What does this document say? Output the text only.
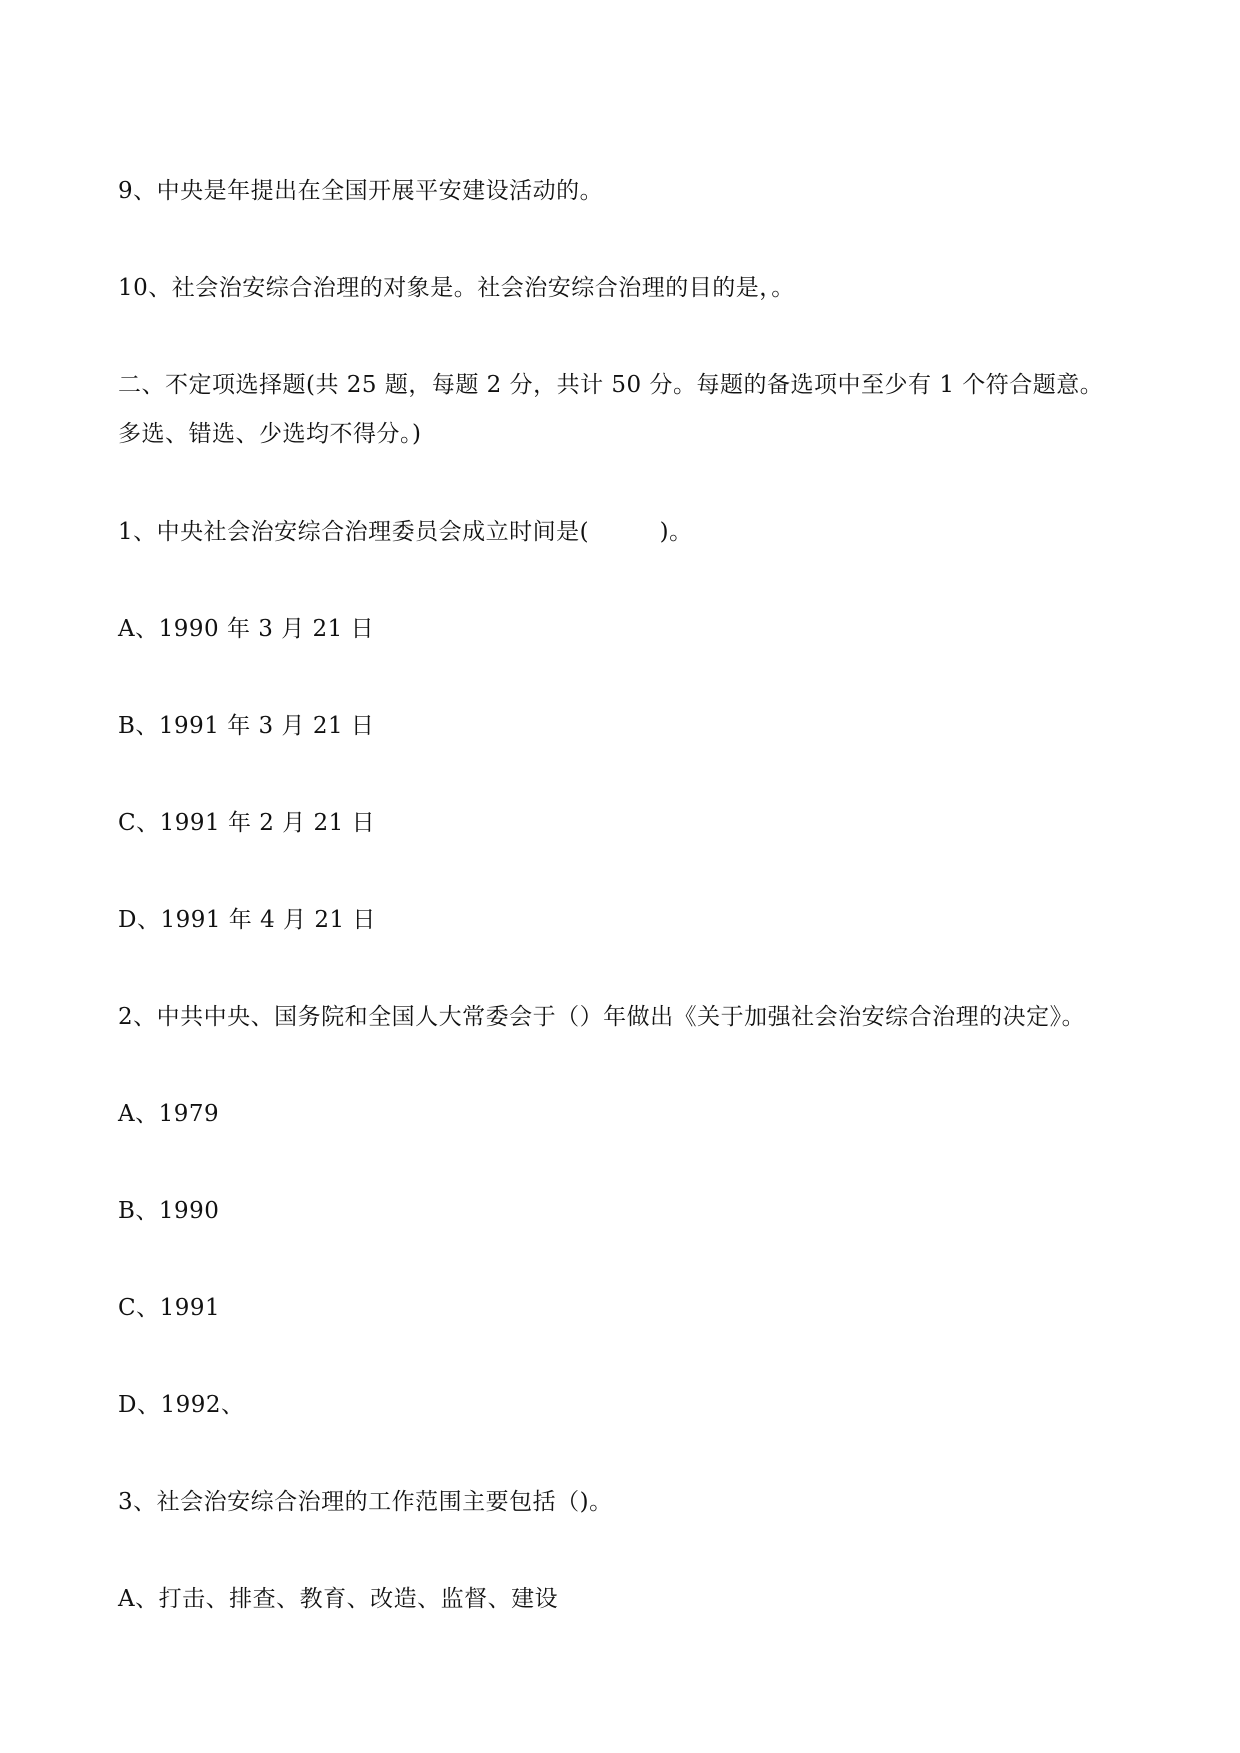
9、中央是年提出在全国开展平安建设活动的。
10、社会治安综合治理的对象是。社会治安综合治理的目的是，。
二、不定项选择题(共 25 题，每题 2 分，共计 50 分。每题的备选项中至少有 1 个符合题意。
多选、错选、少选均不得分。)
1、中央社会治安综合治理委员会成立时间是(　　　)。
A、1990 年 3 月 21 日
B、1991 年 3 月 21 日
C、1991 年 2 月 21 日
D、1991 年 4 月 21 日
2、中共中央、国务院和全国人大常委会于（）年做出《关于加强社会治安综合治理的决定》。
A、1979
B、1990
C、1991
D、1992、
3、社会治安综合治理的工作范围主要包括（)。
A、打击、排查、教育、改造、监督、建设
